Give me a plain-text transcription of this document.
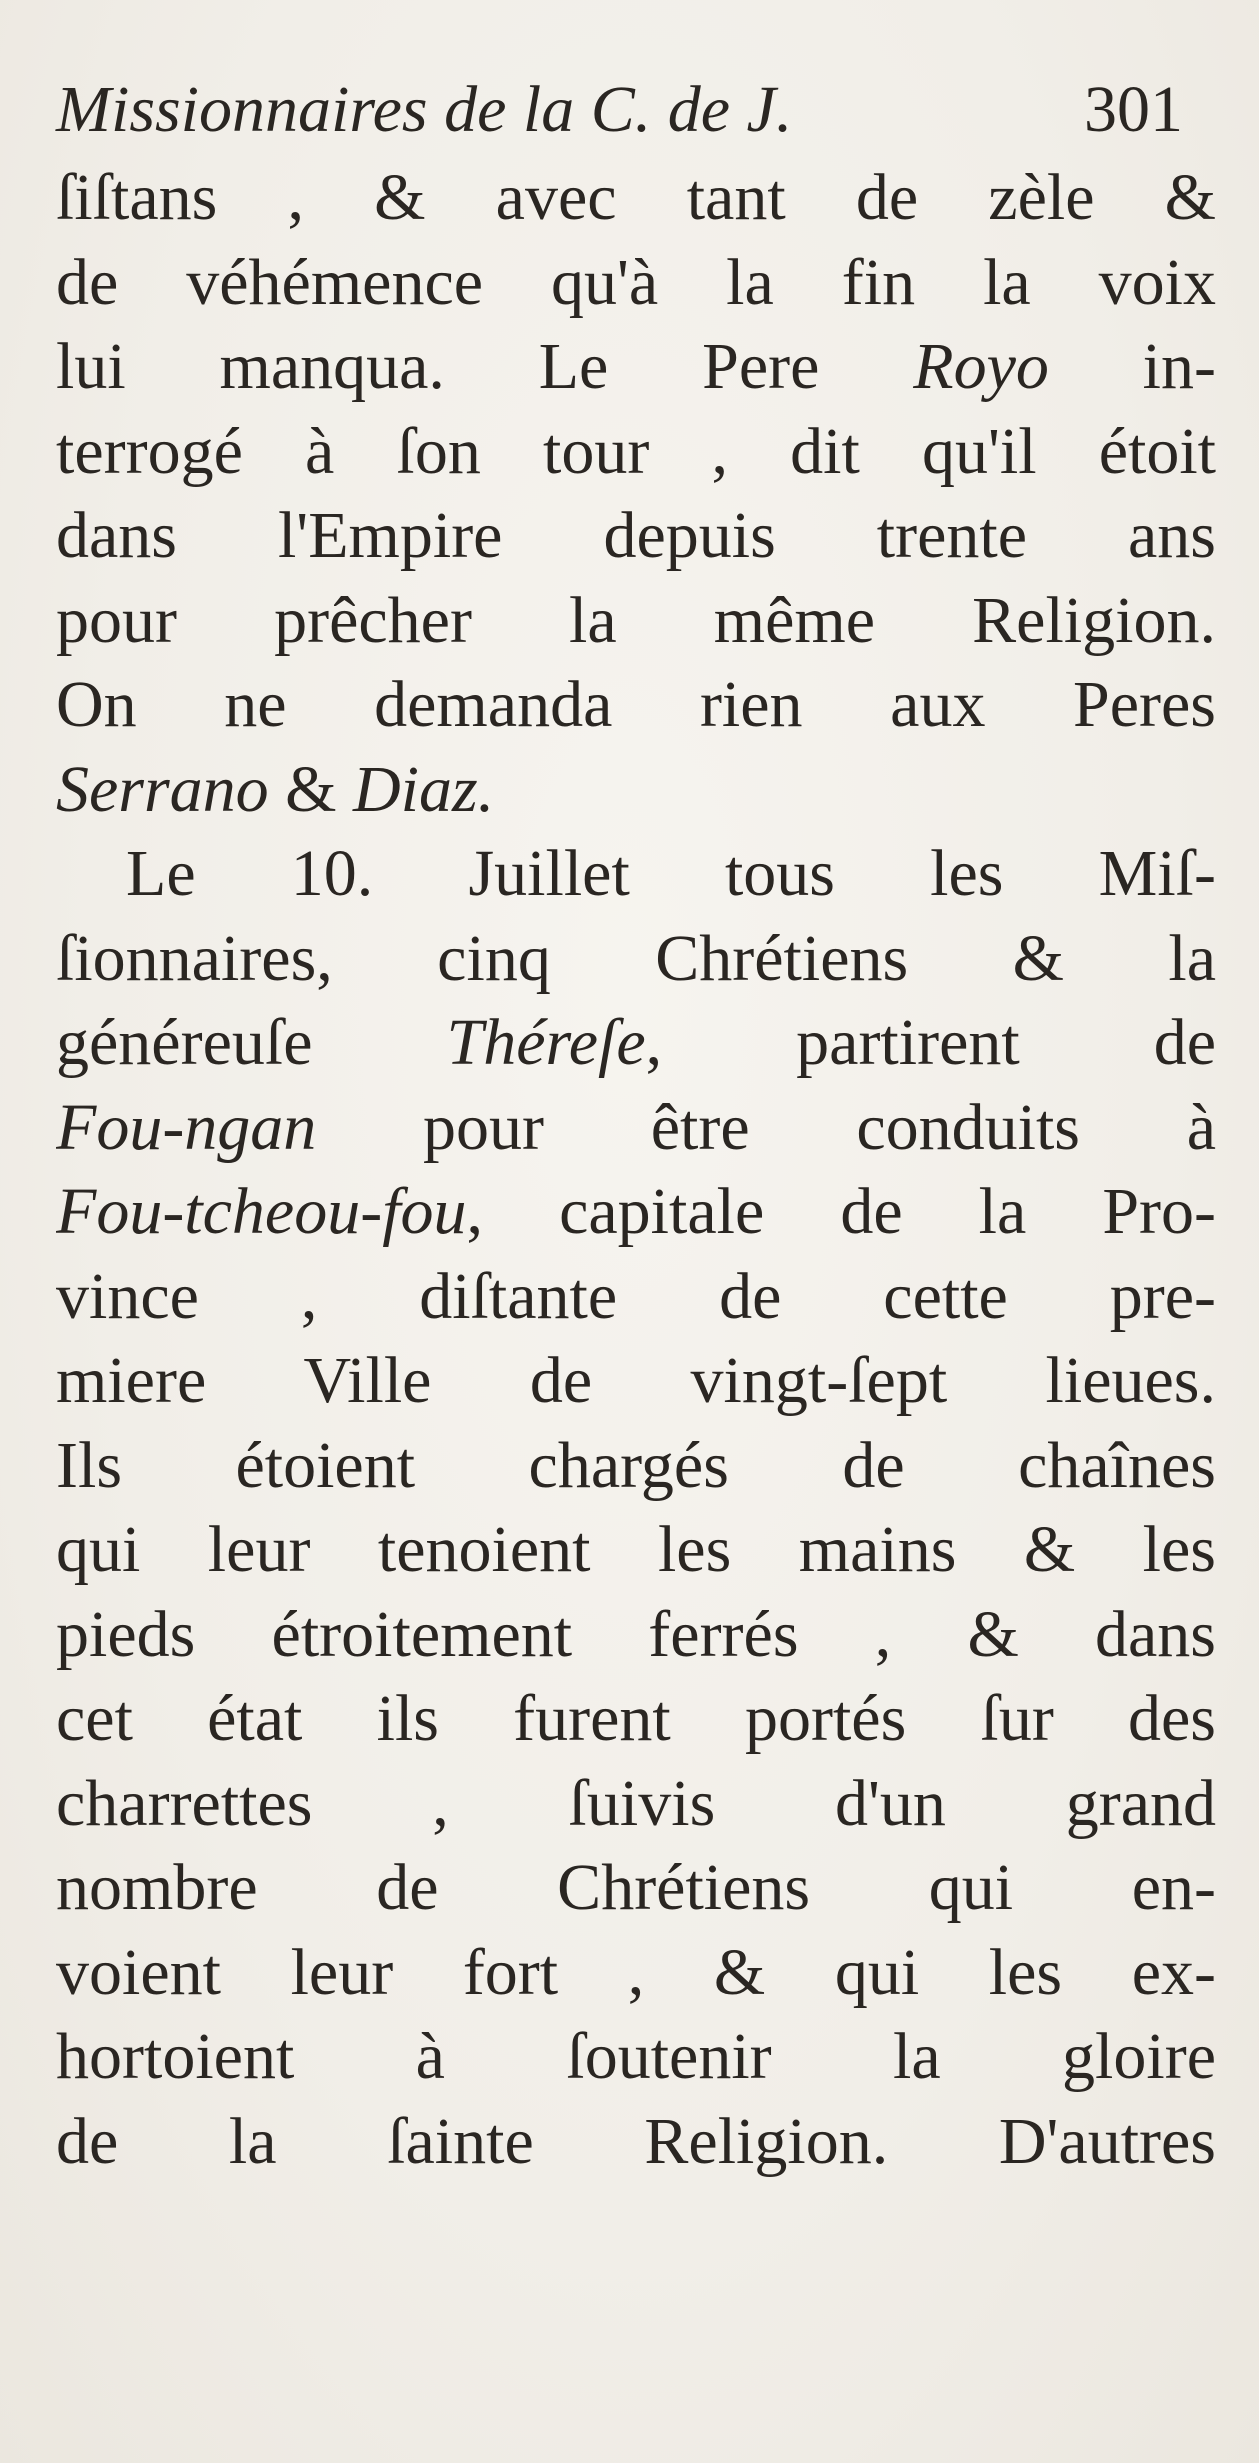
Missionnaires de la C. de J.	301
ſiſtans , & avec tant de zèle &
de véhémence qu'à la fin la voix
lui manqua. Le Pere Royo in-
terrogé à ſon tour , dit qu'il étoit
dans l'Empire depuis trente ans
pour prêcher la même Religion.
On ne demanda rien aux Peres
Serrano & Diaz.
Le 10. Juillet tous les Miſ-
ſionnaires, cinq Chrétiens & la
généreuſe Théreſe, partirent de
Fou-ngan pour être conduits à
Fou-tcheou-fou, capitale de la Pro-
vince , diſtante de cette pre-
miere Ville de vingt-ſept lieues.
Ils étoient chargés de chaînes
qui leur tenoient les mains & les
pieds étroitement ferrés , & dans
cet état ils furent portés ſur des
charrettes , ſuivis d'un grand
nombre de Chrétiens qui en-
voient leur fort , & qui les ex-
hortoient à ſoutenir la gloire
de la ſainte Religion. D'autres
